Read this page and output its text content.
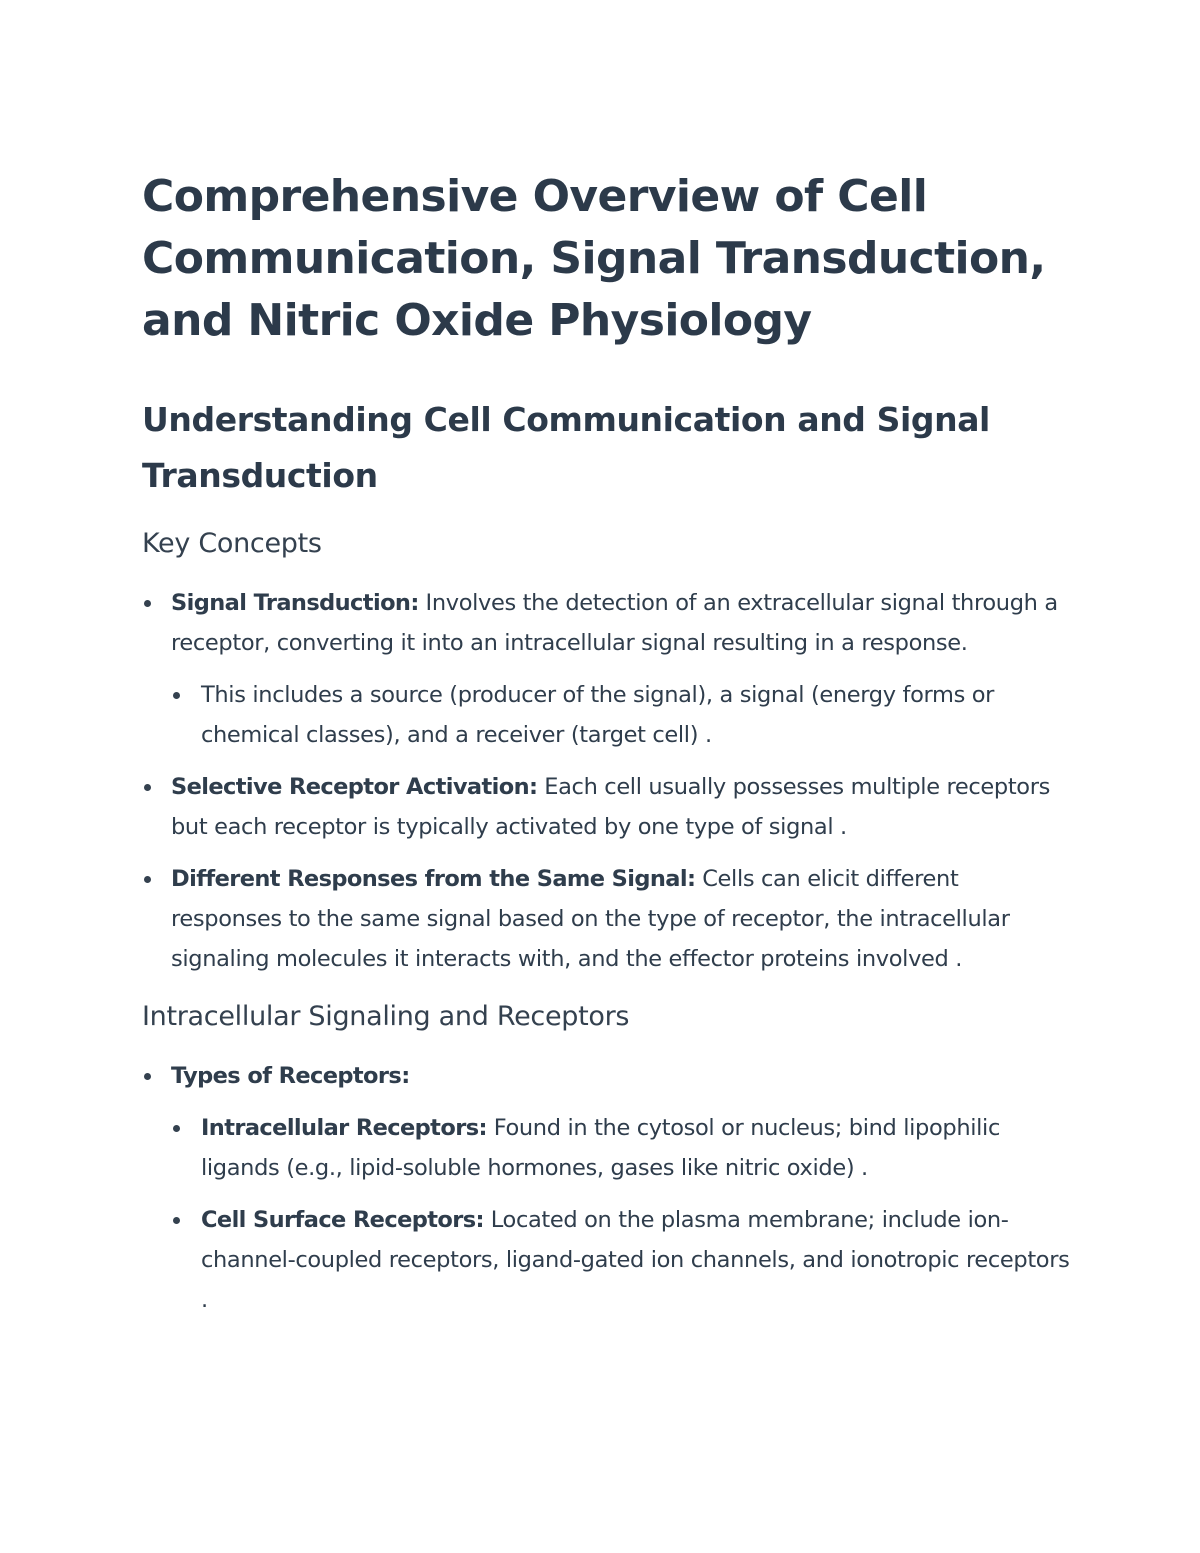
Comprehensive Overview of Cell Communication, Signal Transduction, and Nitric Oxide Physiology
Understanding Cell Communication and Signal Transduction
Key Concepts
Signal Transduction: Involves the detection of an extracellular signal through a receptor, converting it into an intracellular signal resulting in a response.
This includes a source (producer of the signal), a signal (energy forms or chemical classes), and a receiver (target cell) .
Selective Receptor Activation: Each cell usually possesses multiple receptors but each receptor is typically activated by one type of signal .
Different Responses from the Same Signal: Cells can elicit different responses to the same signal based on the type of receptor, the intracellular signaling molecules it interacts with, and the effector proteins involved .
Intracellular Signaling and Receptors
Types of Receptors:
Intracellular Receptors: Found in the cytosol or nucleus; bind lipophilic ligands (e.g., lipid-soluble hormones, gases like nitric oxide) .
Cell Surface Receptors: Located on the plasma membrane; include ion-channel-coupled receptors, ligand-gated ion channels, and ionotropic receptors .
